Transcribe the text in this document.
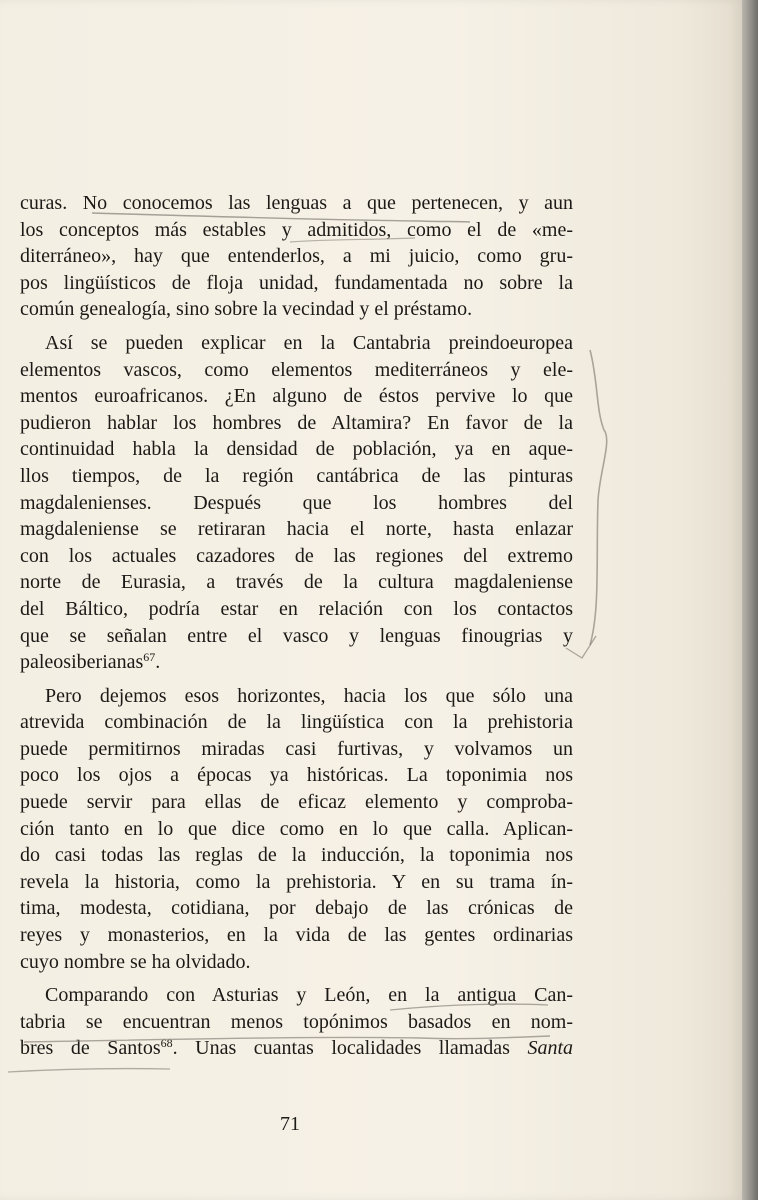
curas. No conocemos las lenguas a que pertenecen, y aun
los conceptos más estables y admitidos, como el de «me-
diterráneo», hay que entenderlos, a mi juicio, como gru-
pos lingüísticos de floja unidad, fundamentada no sobre la
común genealogía, sino sobre la vecindad y el préstamo.

Así se pueden explicar en la Cantabria preindoeuropea
elementos vascos, como elementos mediterráneos y ele-
mentos euroafricanos. ¿En alguno de éstos pervive lo que
pudieron hablar los hombres de Altamira? En favor de la
continuidad habla la densidad de población, ya en aque-
llos tiempos, de la región cantábrica de las pinturas
magdalenienses. Después que los hombres del
magdaleniense se retiraran hacia el norte, hasta enlazar
con los actuales cazadores de las regiones del extremo
norte de Eurasia, a través de la cultura magdaleniense
del Báltico, podría estar en relación con los contactos
que se señalan entre el vasco y lenguas finougrias y
paleosiberianas$^{67}$.

Pero dejemos esos horizontes, hacia los que sólo una
atrevida combinación de la lingüística con la prehistoria
puede permitirnos miradas casi furtivas, y volvamos un
poco los ojos a épocas ya históricas. La toponimia nos
puede servir para ellas de eficaz elemento y comproba-
ción tanto en lo que dice como en lo que calla. Aplican-
do casi todas las reglas de la inducción, la toponimia nos
revela la historia, como la prehistoria. Y en su trama ín-
tima, modesta, cotidiana, por debajo de las crónicas de
reyes y monasterios, en la vida de las gentes ordinarias
cuyo nombre se ha olvidado.

Comparando con Asturias y León, en la antigua Can-
tabria se encuentran menos topónimos basados en nom-
bres de Santos$^{68}$. Unas cuantas localidades llamadas Santa

71
